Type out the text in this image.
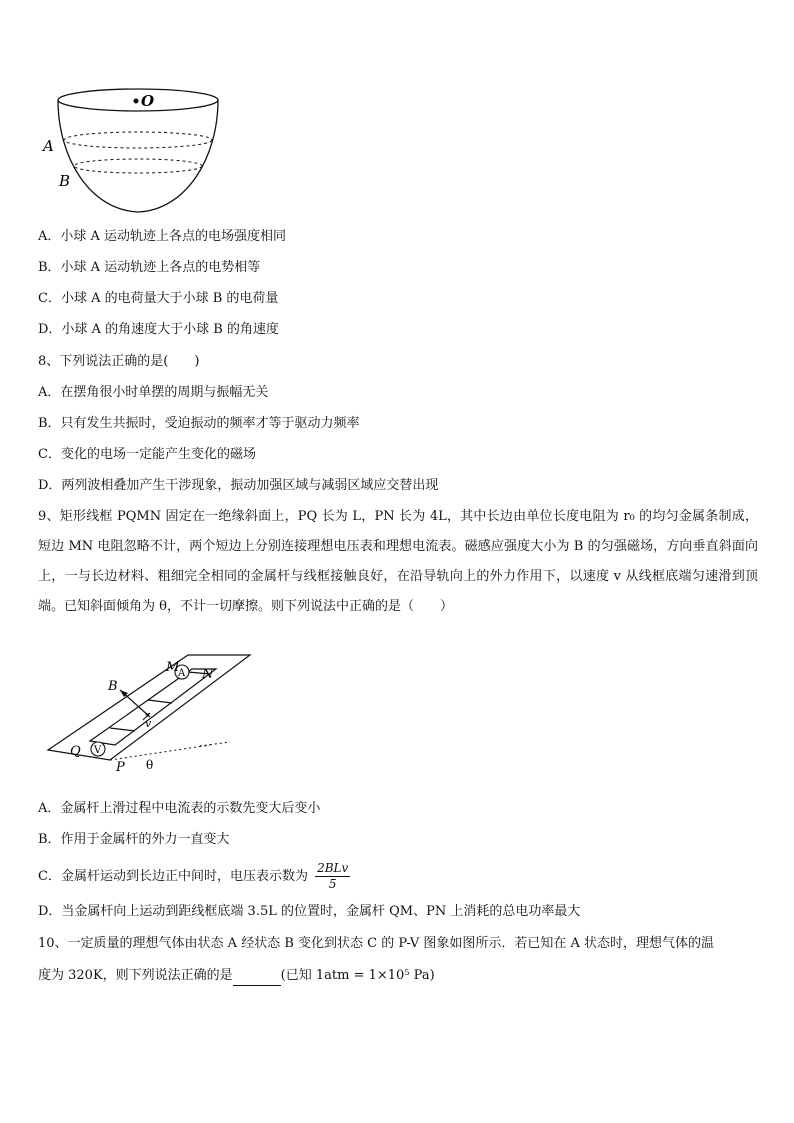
O
A
B
A．小球 A 运动轨迹上各点的电场强度相同
B．小球 A 运动轨迹上各点的电势相等
C．小球 A 的电荷量大于小球 B 的电荷量
D．小球 A 的角速度大于小球 B 的角速度
8、下列说法正确的是(　　)
A．在摆角很小时单摆的周期与振幅无关
B．只有发生共振时，受迫振动的频率才等于驱动力频率
C．变化的电场一定能产生变化的磁场
D．两列波相叠加产生干涉现象，振动加强区域与减弱区域应交替出现
9、矩形线框 PQMN 固定在一绝缘斜面上，PQ 长为 L，PN 长为 4L，其中长边由单位长度电阻为 r₀ 的均匀金属条制成，短边 MN 电阻忽略不计，两个短边上分别连接理想电压表和理想电流表。磁感应强度大小为 B 的匀强磁场，方向垂直斜面向上，一与长边材料、粗细完全相同的金属杆与线框接触良好，在沿导轨向上的外力作用下，以速度 v 从线框底端匀速滑到顶端。已知斜面倾角为 θ，不计一切摩擦。则下列说法中正确的是（　　）
B
M
A N
v
Q V
P θ
A．金属杆上滑过程中电流表的示数先变大后变小
B．作用于金属杆的外力一直变大
C．金属杆运动到长边正中间时，电压表示数为 $\frac{\text{2BLv}}{5}$
D．当金属杆向上运动到距线框底端 3.5L 的位置时，金属杆 QM、PN 上消耗的总电功率最大
10、一定质量的理想气体由状态 A 经状态 B 变化到状态 C 的 P-V 图象如图所示．若已知在 A 状态时，理想气体的温
度为 320K，则下列说法正确的是	(已知 1atm = 1×10⁵ Pa)
